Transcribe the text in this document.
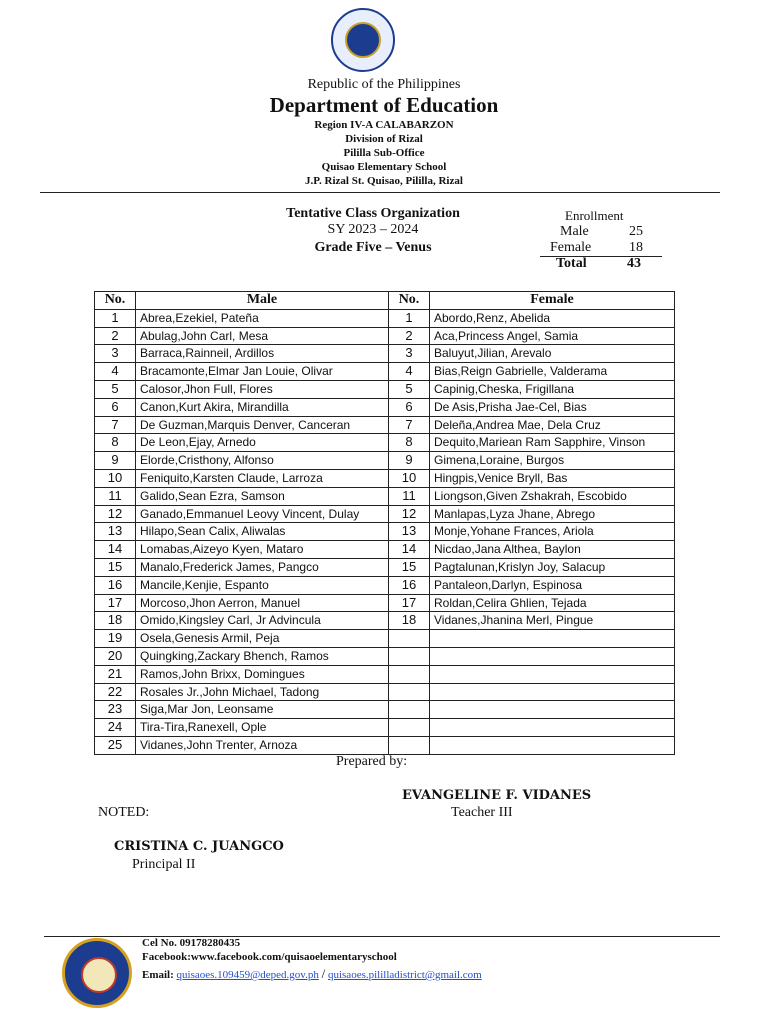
Republic of the Philippines
Department of Education
Region IV-A CALABARZON
Division of Rizal
Pililla Sub-Office
Quisao Elementary School
J.P. Rizal St. Quisao, Pililla, Rizal
Tentative Class Organization
SY 2023 – 2024
Grade Five – Venus
Enrollment
Male	25
Female	18
Total	43
No.	Male	No.	Female
1	Abrea,Ezekiel, Pateña	1	Abordo,Renz, Abelida
2	Abulag,John Carl, Mesa	2	Aca,Princess Angel, Samia
3	Barraca,Rainneil, Ardillos	3	Baluyut,Jilian, Arevalo
4	Bracamonte,Elmar Jan Louie, Olivar	4	Bias,Reign Gabrielle, Valderama
5	Calosor,Jhon Full, Flores	5	Capinig,Cheska, Frigillana
6	Canon,Kurt Akira, Mirandilla	6	De Asis,Prisha Jae-Cel, Bias
7	De Guzman,Marquis Denver, Canceran	7	Deleña,Andrea Mae, Dela Cruz
8	De Leon,Ejay, Arnedo	8	Dequito,Mariean Ram Sapphire, Vinson
9	Elorde,Cristhony, Alfonso	9	Gimena,Loraine, Burgos
10	Feniquito,Karsten Claude, Larroza	10	Hingpis,Venice Bryll, Bas
11	Galido,Sean Ezra, Samson	11	Liongson,Given Zshakrah, Escobido
12	Ganado,Emmanuel Leovy Vincent, Dulay	12	Manlapas,Lyza Jhane, Abrego
13	Hilapo,Sean Calix, Aliwalas	13	Monje,Yohane Frances, Ariola
14	Lomabas,Aizeyo Kyen, Mataro	14	Nicdao,Jana Althea, Baylon
15	Manalo,Frederick James, Pangco	15	Pagtalunan,Krislyn Joy, Salacup
16	Mancile,Kenjie, Espanto	16	Pantaleon,Darlyn, Espinosa
17	Morcoso,Jhon Aerron, Manuel	17	Roldan,Celira Ghlien, Tejada
18	Omido,Kingsley Carl, Jr Advincula	18	Vidanes,Jhanina Merl, Pingue
19	Osela,Genesis Armil, Peja		
20	Quingking,Zackary Bhench, Ramos		
21	Ramos,John Brixx, Domingues		
22	Rosales Jr.,John Michael, Tadong		
23	Siga,Mar Jon, Leonsame		
24	Tira-Tira,Ranexell, Ople		
25	Vidanes,John Trenter, Arnoza		
Prepared by:
EVANGELINE F. VIDANES
Teacher III
NOTED:
CRISTINA C. JUANGCO
Principal II
Cel No. 09178280435
Facebook:www.facebook.com/quisaoelementaryschool
Email: quisaoes.109459@deped.gov.ph / quisaoes.pililladistrict@gmail.com
